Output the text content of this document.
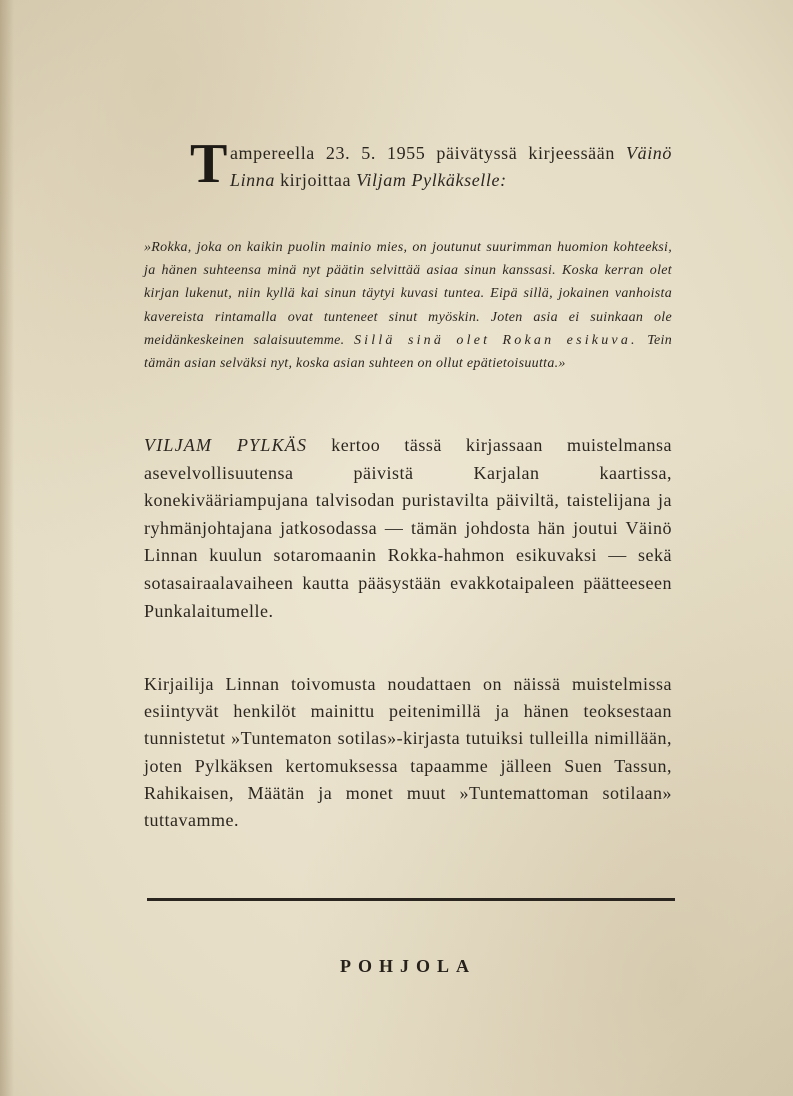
Tampereella 23. 5. 1955 päivätyssä kirjeessään Väinö Linna kirjoittaa Viljam Pylkäkselle:
»Rokka, joka on kaikin puolin mainio mies, on joutunut suurimman huomion kohteeksi, ja hänen suhteensa minä nyt päätin selvittää asiaa sinun kanssasi. Koska kerran olet kirjan lukenut, niin kyllä kai sinun täytyi kuvasi tuntea. Eipä sillä, jokainen vanhoista kavereista rintamalla ovat tunteneet sinut myöskin. Joten asia ei suinkaan ole meidänkeskeinen salaisuutemme. Sillä sinä olet Rokan esikuva. Tein tämän asian selväksi nyt, koska asian suhteen on ollut epätietoisuutta.»
VILJAM PYLKÄS kertoo tässä kirjassaan muistelmansa asevelvollisuutensa päivistä Karjalan kaartissa, konekivääriampujana talvisodan puristavilta päiviltä, taistelijana ja ryhmänjohtajana jatkosodassa — tämän johdosta hän joutui Väinö Linnan kuulun sotaromaanin Rokka-hahmon esikuvaksi — sekä sotasairaalavaiheen kautta pääsystään evakkotaipaleen päätteeseen Punkalaitumelle.
Kirjailija Linnan toivomusta noudattaen on näissä muistelmissa esiintyvät henkilöt mainittu peitenimillä ja hänen teoksestaan tunnistetut »Tuntematon sotilas»-kirjasta tutuiksi tulleilla nimillään, joten Pylkäksen kertomuksessa tapaamme jälleen Suen Tassun, Rahikaisen, Määtän ja monet muut »Tuntemattoman sotilaan» tuttavamme.
POHJOLA
